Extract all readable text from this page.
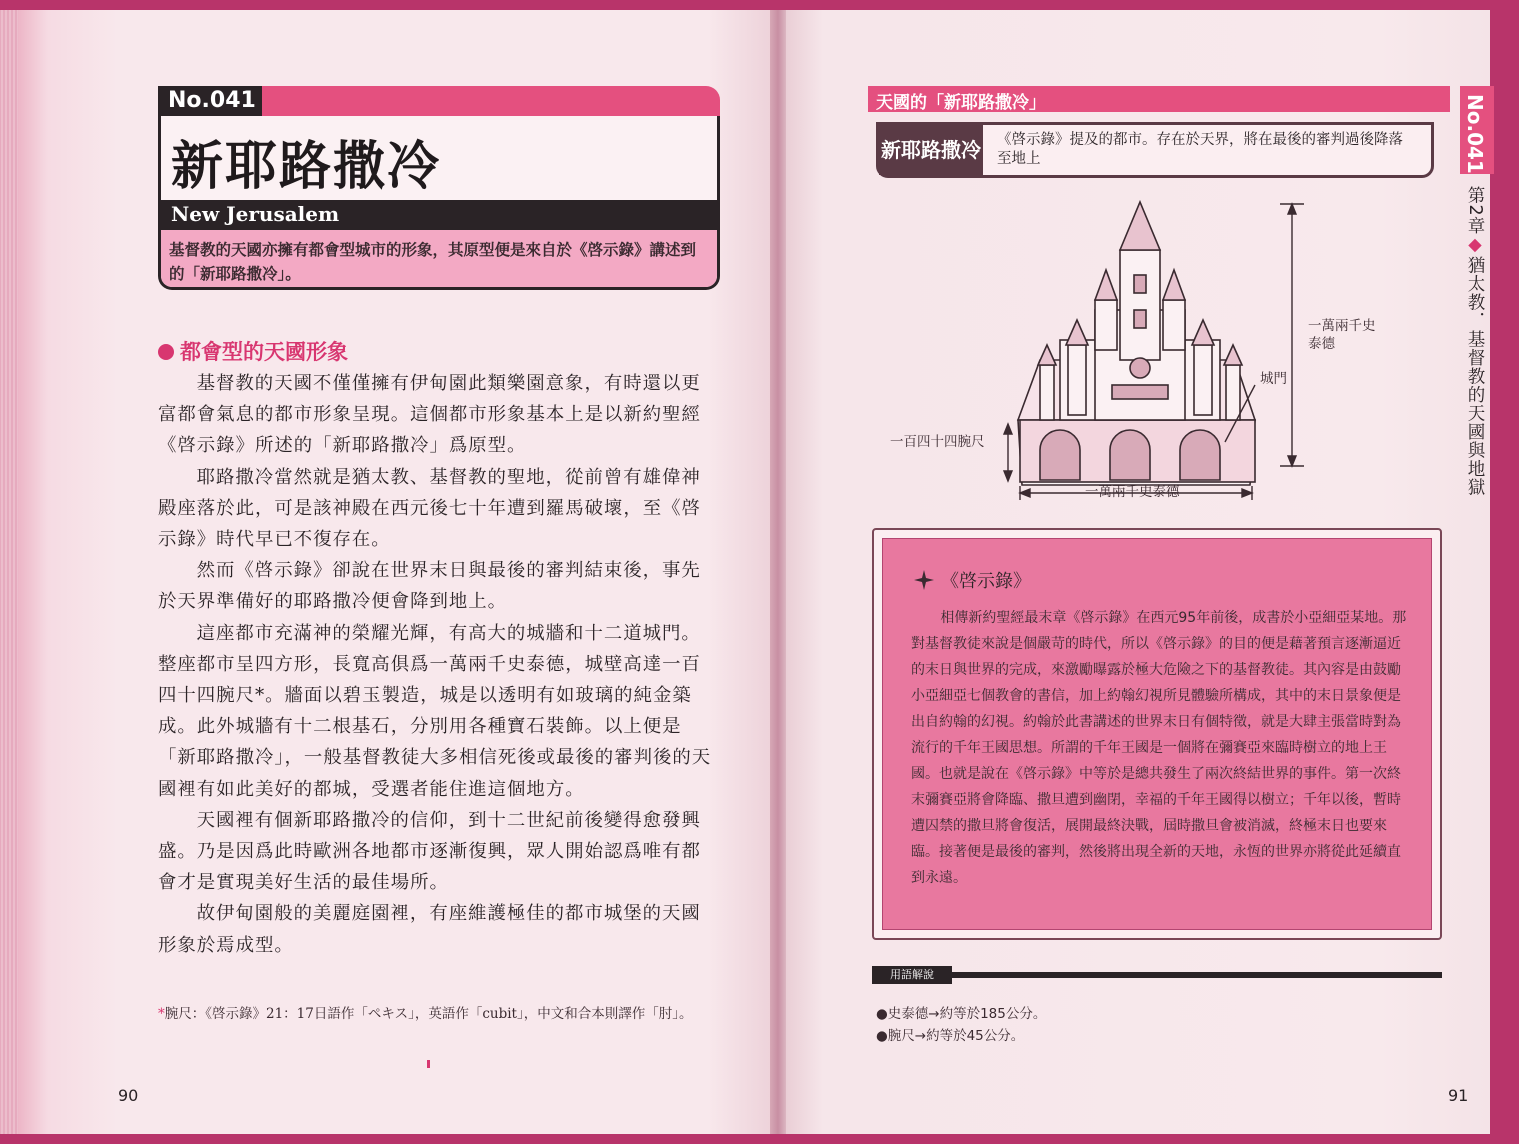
No.041
新耶路撒冷
New Jerusalem
基督教的天國亦擁有都會型城市的形象，其原型便是來自於《啓示錄》講述到的「新耶路撒冷」。
都會型的天國形象

基督教的天國不僅僅擁有伊甸園此類樂園意象，有時還以更富都會氣息的都市形象呈現。這個都市形象基本上是以新約聖經《啓示錄》所述的「新耶路撒冷」爲原型。

耶路撒冷當然就是猶太教、基督教的聖地，從前曾有雄偉神殿座落於此，可是該神殿在西元後七十年遭到羅馬破壞，至《啓示錄》時代早已不復存在。

然而《啓示錄》卻說在世界末日與最後的審判結束後，事先於天界準備好的耶路撒冷便會降到地上。

這座都市充滿神的榮耀光輝，有高大的城牆和十二道城門。整座都市呈四方形，長寬高俱爲一萬兩千史泰德，城壁高達一百四十四腕尺*。牆面以碧玉製造，城是以透明有如玻璃的純金築成。此外城牆有十二根基石，分別用各種寶石裝飾。以上便是「新耶路撒冷」，一般基督教徒大多相信死後或最後的審判後的天國裡有如此美好的都城，受選者能住進這個地方。

天國裡有個新耶路撒冷的信仰，到十二世紀前後變得愈發興盛。乃是因爲此時歐洲各地都市逐漸復興，眾人開始認爲唯有都會才是實現美好生活的最佳場所。

故伊甸園般的美麗庭園裡，有座維護極佳的都市城堡的天國形象於焉成型。

*腕尺：《啓示錄》21：17日語作「ペキス」，英語作「cubit」，中文和合本則譯作「肘」。
90
天國的「新耶路撒冷」
新耶路撒冷 《啓示錄》提及的都市。存在於天界，將在最後的審判過後降落至地上	No.041
第2章◆猶太教．基督教的天國與地獄
一萬兩千史
泰德
城門
一百四十四腕尺
一萬兩千史泰德
《啓示錄》

相傳新約聖經最末章《啓示錄》在西元95年前後，成書於小亞細亞某地。那對基督教徒來說是個嚴苛的時代，所以《啓示錄》的目的便是藉著預言逐漸逼近的末日與世界的完成，來激勵曝露於極大危險之下的基督教徒。其內容是由鼓勵小亞細亞七個教會的書信，加上約翰幻視所見體驗所構成，其中的末日景象便是出自約翰的幻視。約翰於此書講述的世界末日有個特徵，就是大肆主張當時對為流行的千年王國思想。所謂的千年王國是一個將在彌賽亞來臨時樹立的地上王國。也就是說在《啓示錄》中等於是總共發生了兩次終結世界的事件。第一次終末彌賽亞將會降臨、撒旦遭到幽閉，幸福的千年王國得以樹立；千年以後，暫時遭囚禁的撒旦將會復活，展開最終決戰，屆時撒旦會被消滅，終極末日也要來臨。接著便是最後的審判，然後將出現全新的天地，永恆的世界亦將從此延續直到永遠。

用語解說
●史泰德→約等於185公分。
●腕尺→約等於45公分。
91
